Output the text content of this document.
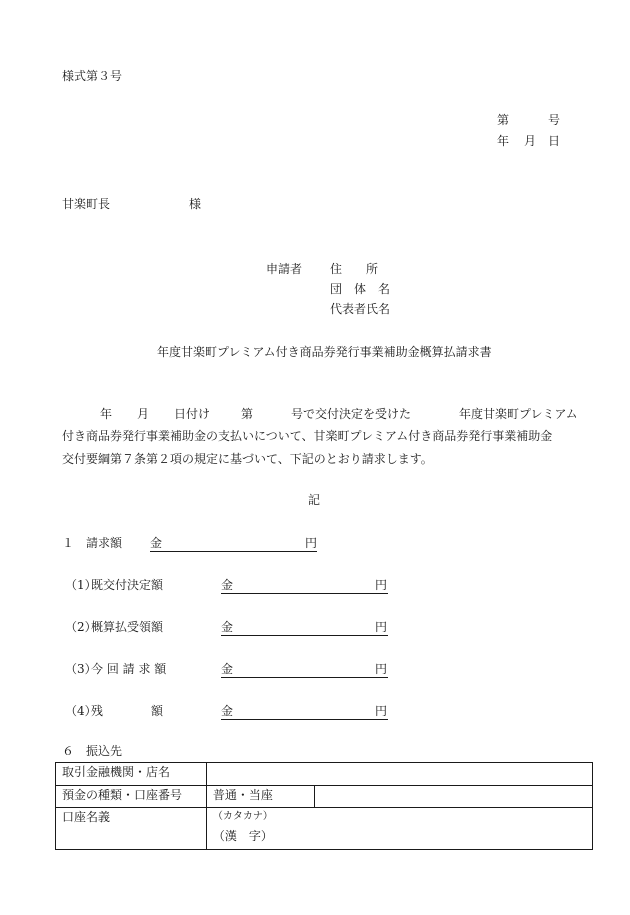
様式第３号
第	号
年 月 日
甘楽町長	様
申請者 住　　所
団　体　名
代表者氏名
年度甘楽町プレミアム付き商品券発行事業補助金概算払請求書
年 月 日付け	第	号で交付決定を受けた	年度甘楽町プレミアム
付き商品券発行事業補助金の支払いについて、甘楽町プレミアム付き商品券発行事業補助金
交付要綱第７条第２項の規定に基づいて、下記のとおり請求します。
記
１ 請求額 金	円
（1）
既交付決定額	金	円
（2）
概算払受領額	金	円
（3）
今 回 請 求 額	金	円
（4）
残　　　　額	金	円
６　振込先
取引金融機関・店名		
預金の種類・口座番号	普通・当座	
口座名義	（カタカナ）
（漢　字）	
